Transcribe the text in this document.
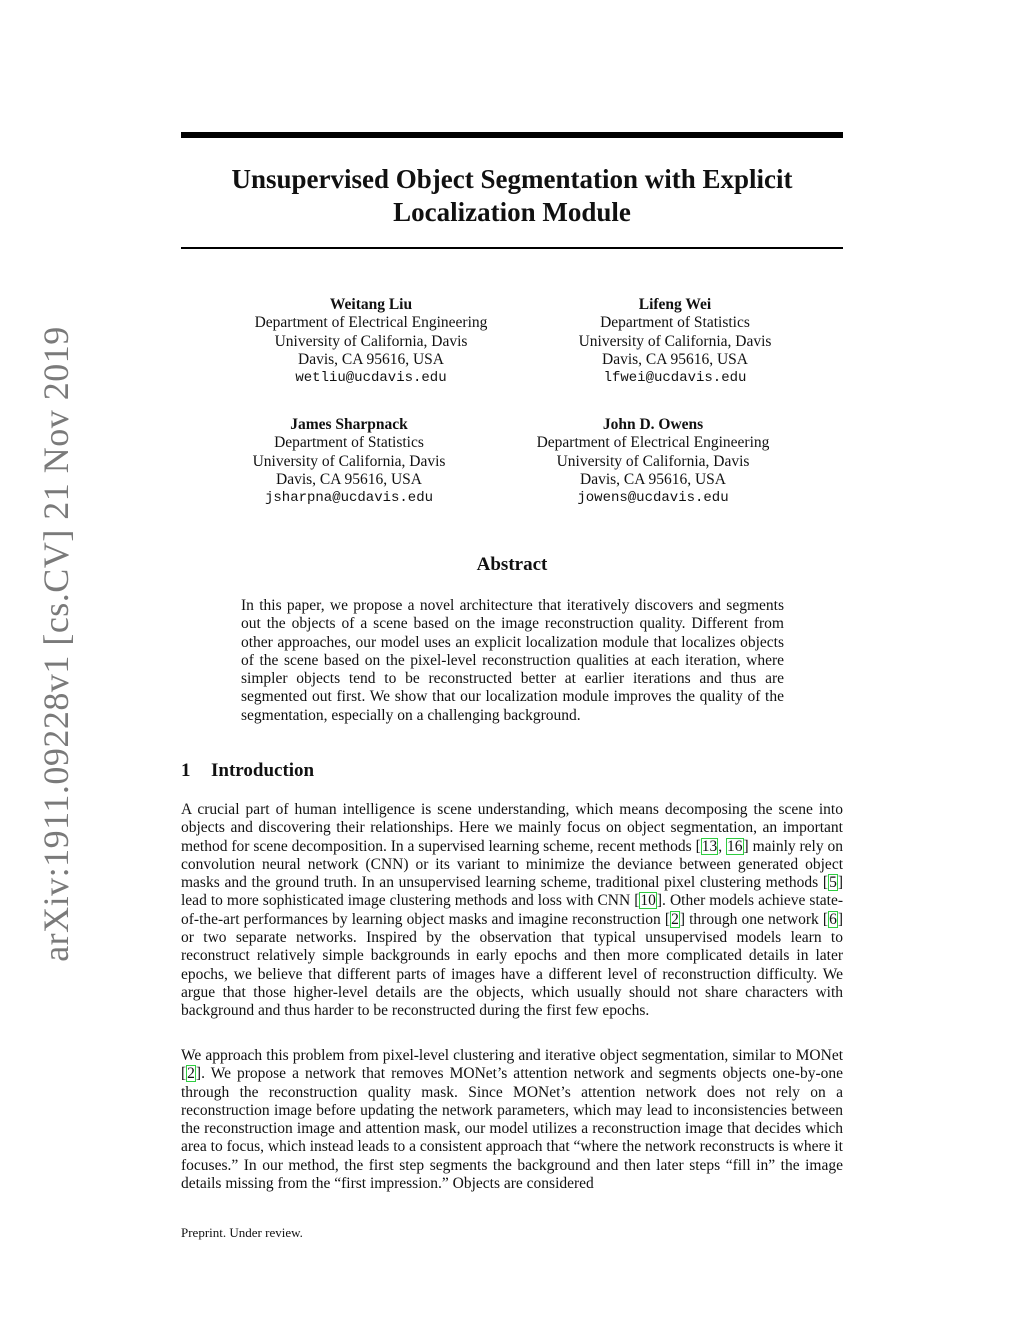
arXiv:1911.09228v1 [cs.CV] 21 Nov 2019
Unsupervised Object Segmentation with Explicit
Localization Module
Weitang Liu
Department of Electrical Engineering
University of California, Davis
Davis, CA 95616, USA
wetliu@ucdavis.edu
Lifeng Wei
Department of Statistics
University of California, Davis
Davis, CA 95616, USA
lfwei@ucdavis.edu
James Sharpnack
Department of Statistics
University of California, Davis
Davis, CA 95616, USA
jsharpna@ucdavis.edu
John D. Owens
Department of Electrical Engineering
University of California, Davis
Davis, CA 95616, USA
jowens@ucdavis.edu
Abstract
In this paper, we propose a novel architecture that iteratively discovers and segments out the objects of a scene based on the image reconstruction quality. Different from other approaches, our model uses an explicit localization module that localizes objects of the scene based on the pixel-level reconstruction qualities at each iteration, where simpler objects tend to be reconstructed better at earlier iterations and thus are segmented out first. We show that our localization module improves the quality of the segmentation, especially on a challenging background.
1 Introduction
A crucial part of human intelligence is scene understanding, which means decomposing the scene into objects and discovering their relationships. Here we mainly focus on object segmentation, an important method for scene decomposition. In a supervised learning scheme, recent methods [13, 16] mainly rely on convolution neural network (CNN) or its variant to minimize the deviance between generated object masks and the ground truth. In an unsupervised learning scheme, traditional pixel clustering methods [5] lead to more sophisticated image clustering methods and loss with CNN [10]. Other models achieve state-of-the-art performances by learning object masks and imagine reconstruction [2] through one network [6] or two separate networks. Inspired by the observation that typical unsupervised models learn to reconstruct relatively simple backgrounds in early epochs and then more complicated details in later epochs, we believe that different parts of images have a different level of reconstruction difficulty. We argue that those higher-level details are the objects, which usually should not share characters with background and thus harder to be reconstructed during the first few epochs.
We approach this problem from pixel-level clustering and iterative object segmentation, similar to MONet [2]. We propose a network that removes MONet’s attention network and segments objects one-by-one through the reconstruction quality mask. Since MONet’s attention network does not rely on a reconstruction image before updating the network parameters, which may lead to inconsistencies between the reconstruction image and attention mask, our model utilizes a reconstruction image that decides which area to focus, which instead leads to a consistent approach that “where the network reconstructs is where it focuses.” In our method, the first step segments the background and then later steps “fill in” the image details missing from the “first impression.” Objects are considered
Preprint. Under review.
